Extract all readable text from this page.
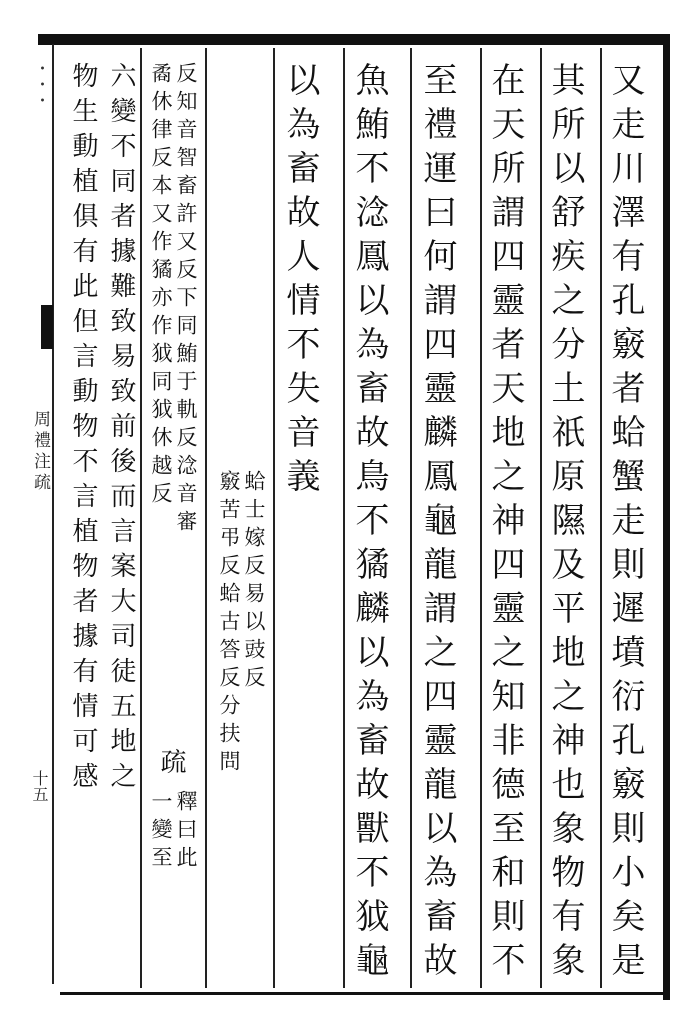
・・・	又走川澤有孔竅者蛤蟹走則遲墳衍孔竅則小矣是
其所以舒疾之分土祇原隰及平地之神也象物有象
在天所謂四靈者天地之神四靈之知非德至和則不
至禮運曰何謂四靈麟鳳龜龍謂之四靈龍以為畜故
魚鮪不淰鳳以為畜故鳥不獝麟以為畜故獸不狘龜
以為畜故人情不失音義
蛤士嫁反易以豉反
竅苦弔反蛤古答反分扶問
反知音智畜許又反下同鮪于軌反淰音審
矞休律反本又作獝亦作狘同狘休越反
釋曰此
一變至
疏
六變不同者據難致易致前後而言案大司徒五地之
物生動植俱有此但言動物不言植物者據有情可感
周禮注疏
十五
